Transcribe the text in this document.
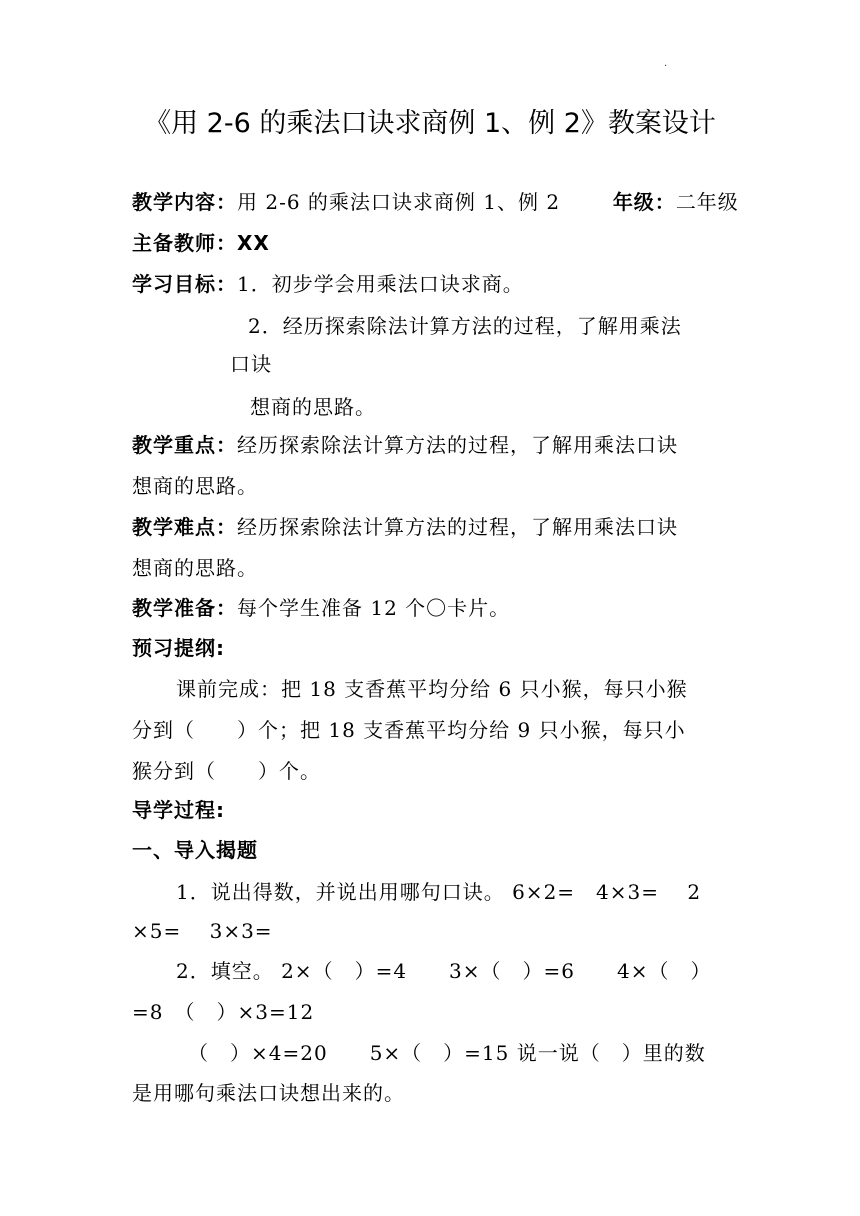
.
《用 2-6 的乘法口诀求商例 1、例 2》教案设计
教学内容：用 2-6 的乘法口诀求商例 1、例 2	年级：二年级
主备教师：XX
学习目标：1．初步学会用乘法口诀求商。
2．经历探索除法计算方法的过程，了解用乘法
口诀
想商的思路。
教学重点：经历探索除法计算方法的过程，了解用乘法口诀
想商的思路。
教学难点：经历探索除法计算方法的过程，了解用乘法口诀
想商的思路。
教学准备：每个学生准备 12 个〇卡片。
预习提纲:
课前完成：把 18 支香蕉平均分给 6 只小猴，每只小猴
分到（　　）个；把 18 支香蕉平均分给 9 只小猴，每只小
猴分到（　　）个。
导学过程:
一、导入揭题
1．说出得数，并说出用哪句口诀。 6×2=　4×3=　 2
×5=　 3×3=
2．填空。 2×（　）=4　　3×（　）=6　　4×（　）
=8　（　）×3=12
（　）×4=20　　5×（　）=15 说一说（　）里的数
是用哪句乘法口诀想出来的。
